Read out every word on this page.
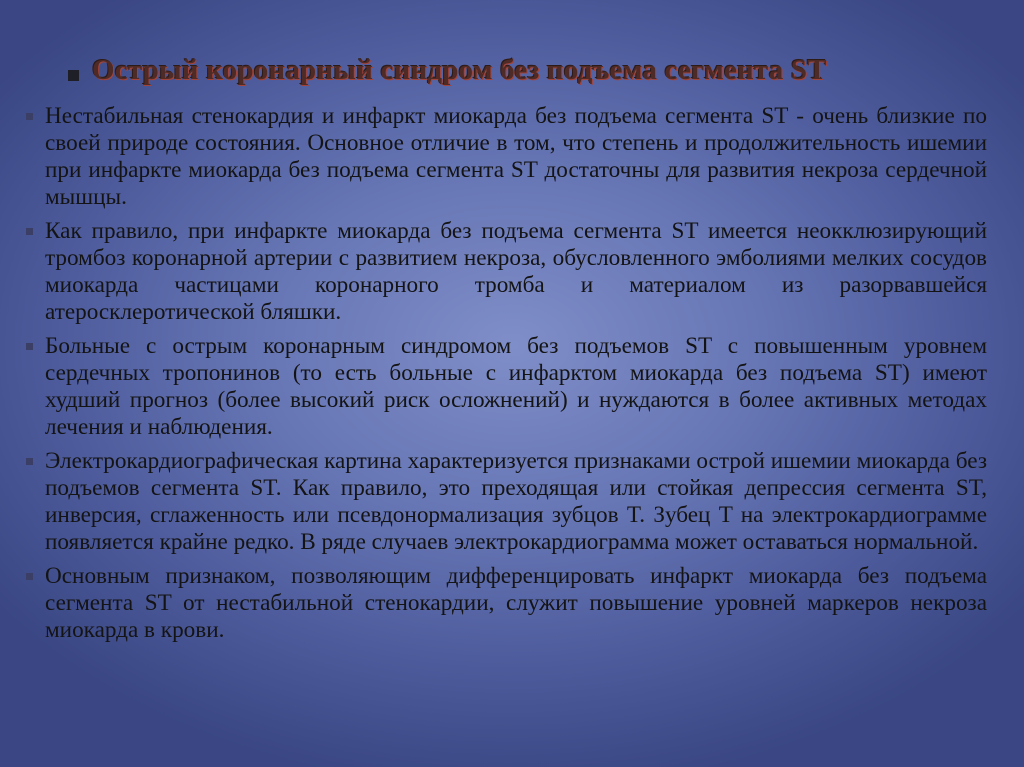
Острый коронарный синдром без подъема сегмента ST
Нестабильная стенокардия и инфаркт миокарда без подъема сегмента ST - очень близкие по своей природе состояния. Основное отличие в том, что степень и продолжительность ишемии при инфаркте миокарда без подъема сегмента ST достаточны для развития некроза сердечной мышцы.
Как правило, при инфаркте миокарда без подъема сегмента ST имеется неокклюзирующий тромбоз коронарной артерии с развитием некроза, обусловленного эмболиями мелких сосудов миокарда частицами коронарного тромба и материалом из разорвавшейся атеросклеротической бляшки.
Больные с острым коронарным синдромом без подъемов ST с повышенным уровнем сердечных тропонинов (то есть больные с инфарктом миокарда без подъема ST) имеют худший прогноз (более высокий риск осложнений) и нуждаются в более активных методах лечения и наблюдения.
Электрокардиографическая картина характеризуется признаками острой ишемии миокарда без подъемов сегмента ST. Как правило, это преходящая или стойкая депрессия сегмента ST, инверсия, сглаженность или псевдонормализация зубцов T. Зубец T на электрокардиограмме появляется крайне редко. В ряде случаев электрокардиограмма может оставаться нормальной.
Основным признаком, позволяющим дифференцировать инфаркт миокарда без подъема сегмента ST от нестабильной стенокардии, служит повышение уровней маркеров некроза миокарда в крови.
